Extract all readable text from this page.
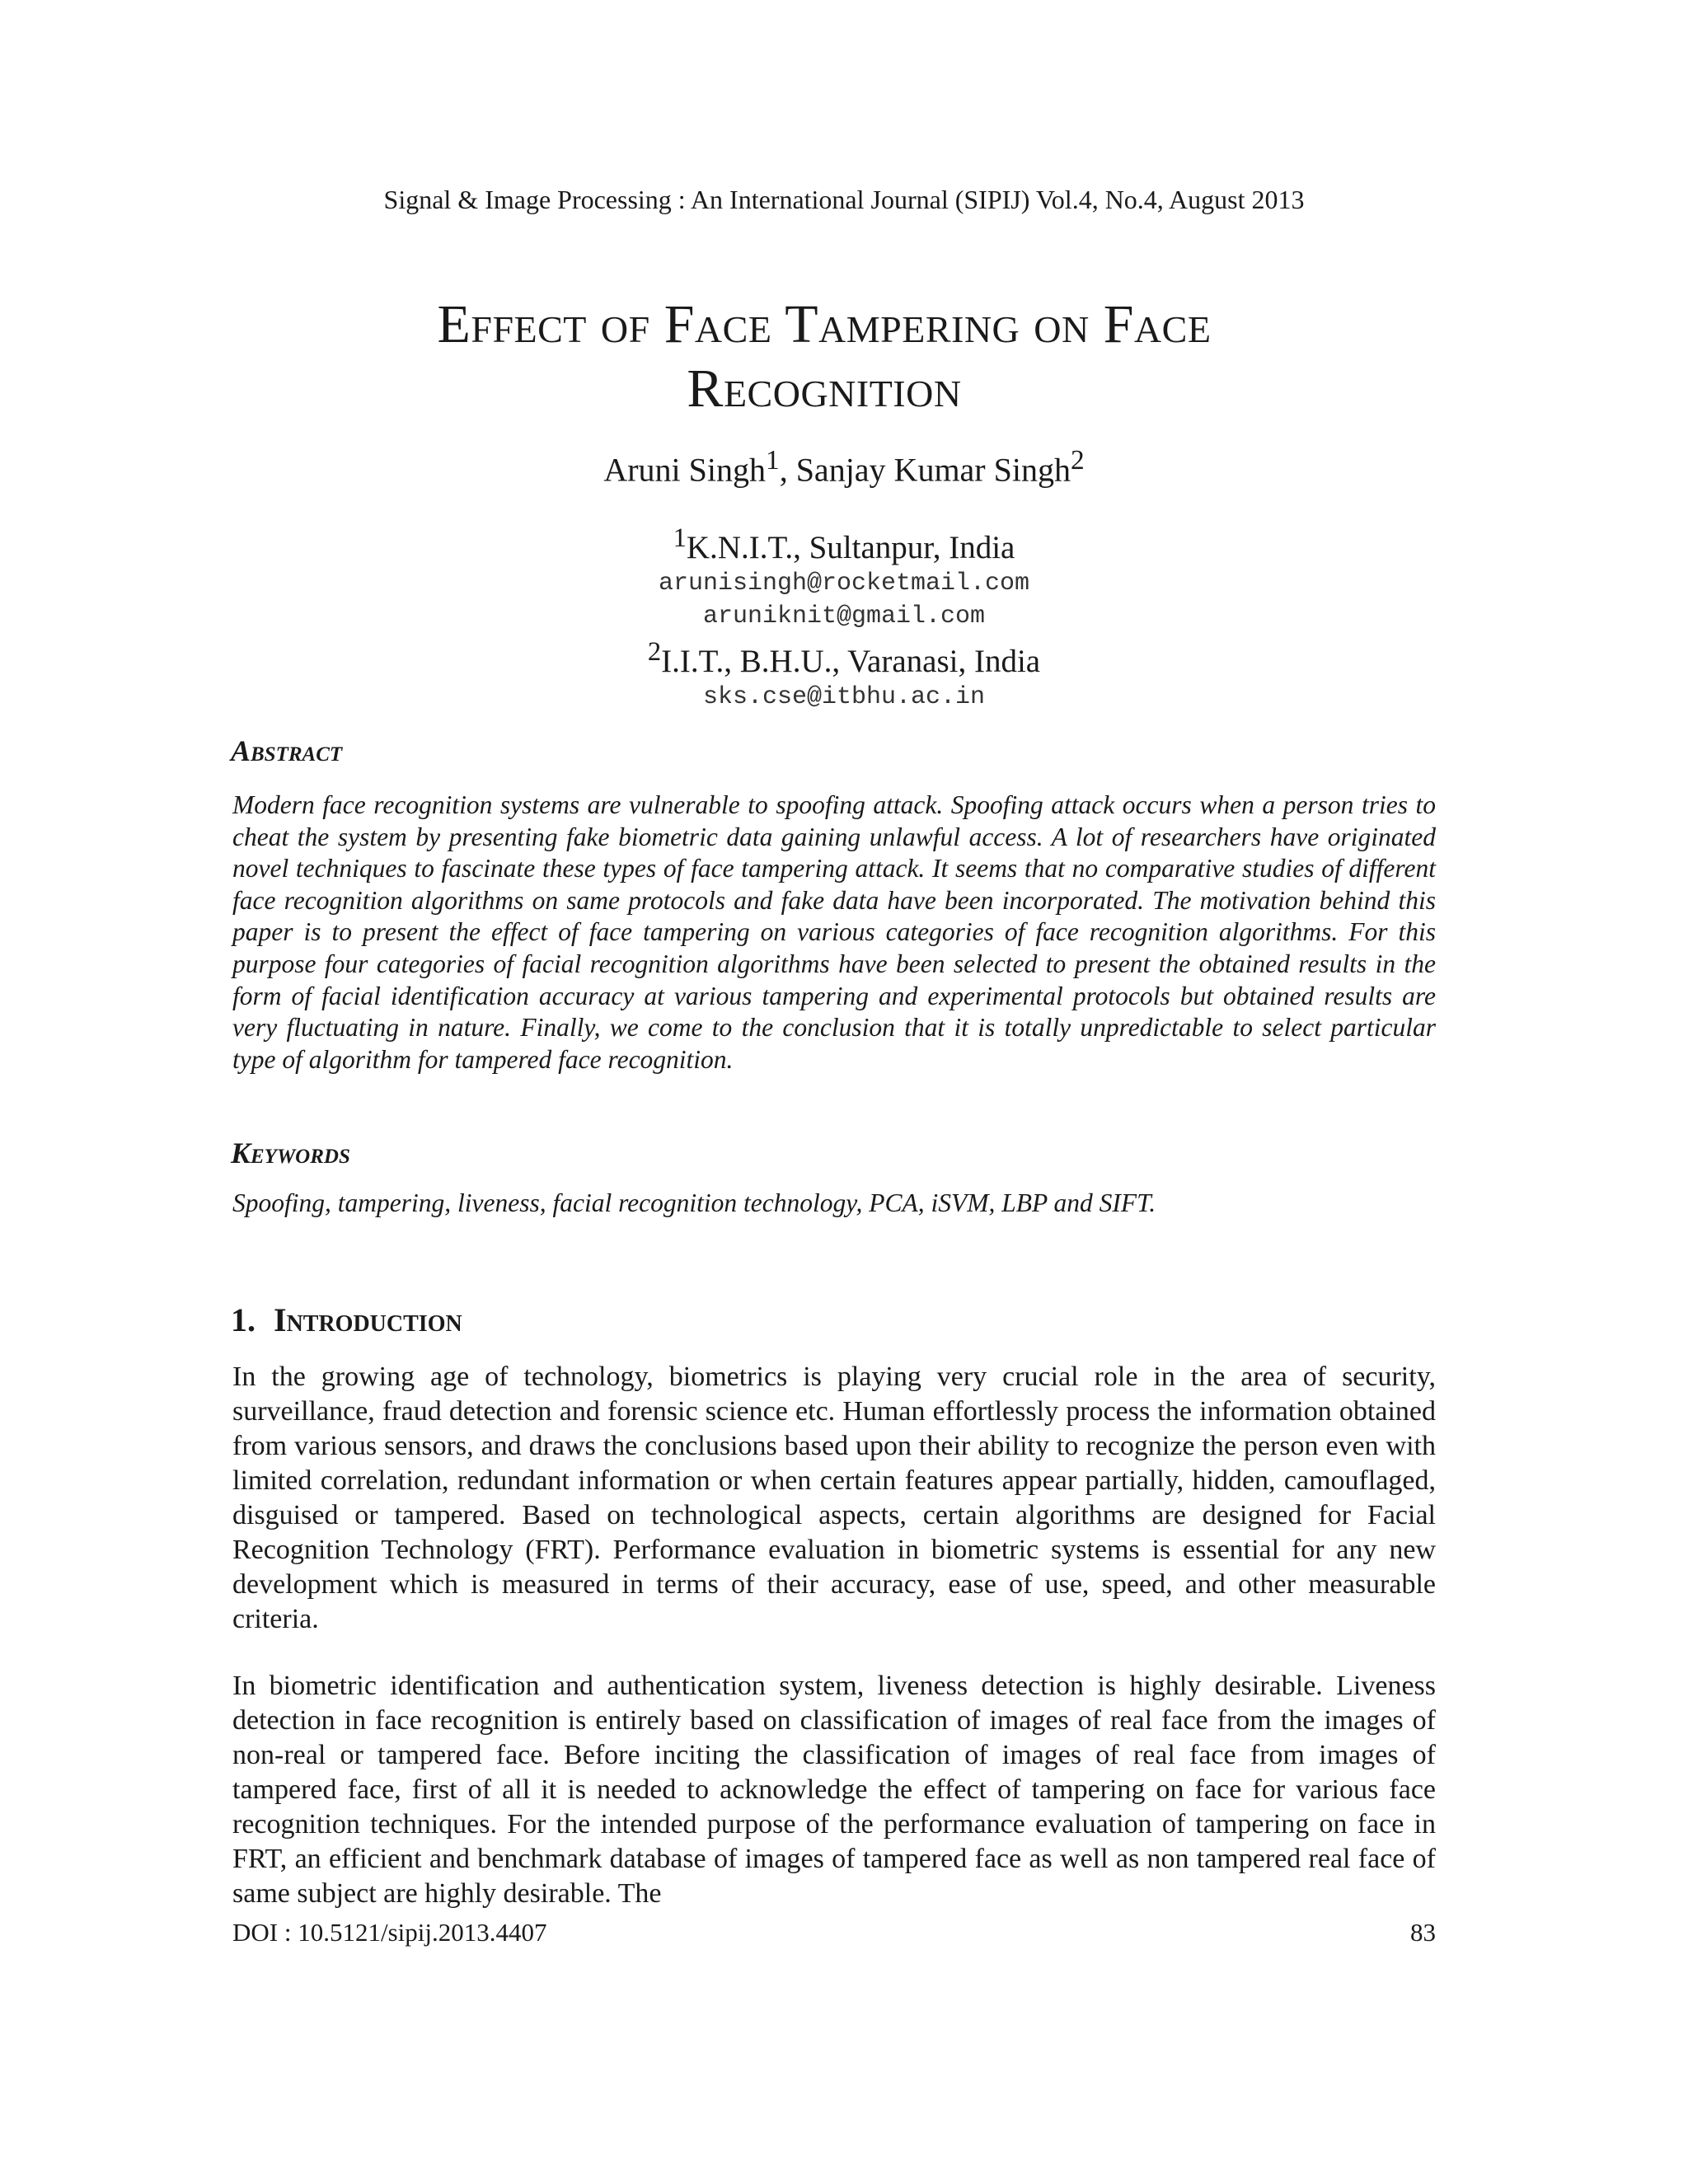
Signal & Image Processing : An International Journal (SIPIJ) Vol.4, No.4, August 2013
Effect of Face Tampering on Face
Recognition
Aruni Singh$^1$, Sanjay Kumar Singh$^2$
$^1$K.N.I.T., Sultanpur, India
arunisingh@rocketmail.com
aruniknit@gmail.com
$^2$I.I.T., B.H.U., Varanasi, India
sks.cse@itbhu.ac.in
Abstract
Modern face recognition systems are vulnerable to spoofing attack. Spoofing attack occurs when a person tries to cheat the system by presenting fake biometric data gaining unlawful access. A lot of researchers have originated novel techniques to fascinate these types of face tampering attack. It seems that no comparative studies of different face recognition algorithms on same protocols and fake data have been incorporated. The motivation behind this paper is to present the effect of face tampering on various categories of face recognition algorithms. For this purpose four categories of facial recognition algorithms have been selected to present the obtained results in the form of facial identification accuracy at various tampering and experimental protocols but obtained results are very fluctuating in nature. Finally, we come to the conclusion that it is totally unpredictable to select particular type of algorithm for tampered face recognition.
Keywords
Spoofing, tampering, liveness, facial recognition technology, PCA, iSVM, LBP and SIFT.
1. Introduction
In the growing age of technology, biometrics is playing very crucial role in the area of security, surveillance, fraud detection and forensic science etc. Human effortlessly process the information obtained from various sensors, and draws the conclusions based upon their ability to recognize the person even with limited correlation, redundant information or when certain features appear partially, hidden, camouflaged, disguised or tampered. Based on technological aspects, certain algorithms are designed for Facial Recognition Technology (FRT). Performance evaluation in biometric systems is essential for any new development which is measured in terms of their accuracy, ease of use, speed, and other measurable criteria.
In biometric identification and authentication system, liveness detection is highly desirable. Liveness detection in face recognition is entirely based on classification of images of real face from the images of non-real or tampered face. Before inciting the classification of images of real face from images of tampered face, first of all it is needed to acknowledge the effect of tampering on face for various face recognition techniques. For the intended purpose of the performance evaluation of tampering on face in FRT, an efficient and benchmark database of images of tampered face as well as non tampered real face of same subject are highly desirable. The
DOI : 10.5121/sipij.2013.4407	83
